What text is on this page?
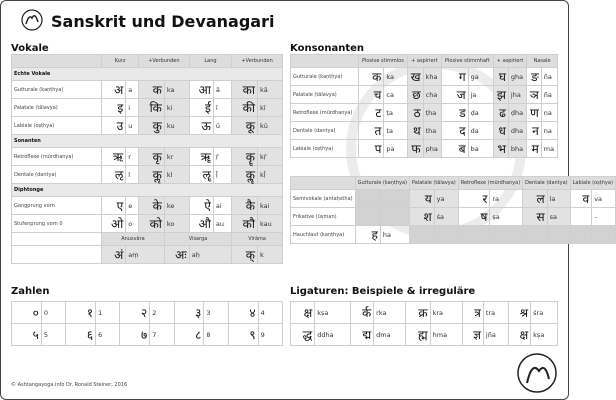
Sanskrit und Devanagari
Vokale
	Kurz		+Verbunden		Lang		+Verbunden	
Echte Vokale								
Gutturale (kaṇṭhya)	अ	a	क	ka	आ	ā	का	kā
Palatale (tālavya)	इ	i	कि	ki	ई	ī	की	kī
Labiale (oṣṭhya)	उ	u	कु	ku	ऊ	ū	कू	kū
Sonanten								
Retroflexe (mūrdhanya)	ऋ	r	कृ	kr	ॠ	ṝ	कॄ	kṝ
Dentale (dantya)	ऌ	l	कॢ	kl	ॡ	ḹ	कॣ	kḹ
Diphtonge								
Gangprung vorn	ए	e	के	ke	ऐ	ai	कै	kai
Stufenprung vorn 0	ओ	o	को	ko	औ	au	कौ	kau
	Anusvāra			Visarga			Virāma	
	अं	aṃ		अः	aḥ		क्	k
Konsonanten
	Plosive stimmlos		+ aspiriert		Plosive stimmhaft		+ aspiriert		Nasale	
Gutturale (kaṇṭhya)	क	ka	ख	kha	ग	ga	घ	gha	ङ	ña
Palatale (tālavya)	च	ca	छ	cha	ज	ja	झ	jha	ञ	ña
Retroflexe (mūrdhanya)	ट	ṭa	ठ	ṭha	ड	ḍa	ढ	ḍha	ण	ṇa
Dentale (dantya)	त	ta	थ	tha	द	da	ध	dha	न	na
Labiale (oṣṭhya)	प	pa	फ	pha	ब	ba	भ	bha	म	ma
	Gutturale (kaṇṭhya)		Palatale (tālavya)		Retroflexe (mūrdhanya)		Dentale (dantya)		Labiale (oṣṭhya)	
Semivokale (antaḥstha)			य	ya	र	ra	ल	la	व	va
Frikative (ūṣman)			श	śa	ष	ṣa	स	sa		-
Hauchlaut (kaṇṭhya)	ह	ha								
Zahlen
०	0	१	1	२	2	३	3	४	4
५	5	६	6	७	7	८	8	९	9
Ligaturen: Beispiele & irreguläre
क्ष	kṣa	र्क	rka	क्र	kra	त्र	tra	श्र	śra
द्ध	ddha	द्म	dma	ह्म	hma	ज्ञ	jña	क्ष	kṣa
© Ashtangayoga.info Dr. Ronald Steiner, 2016
